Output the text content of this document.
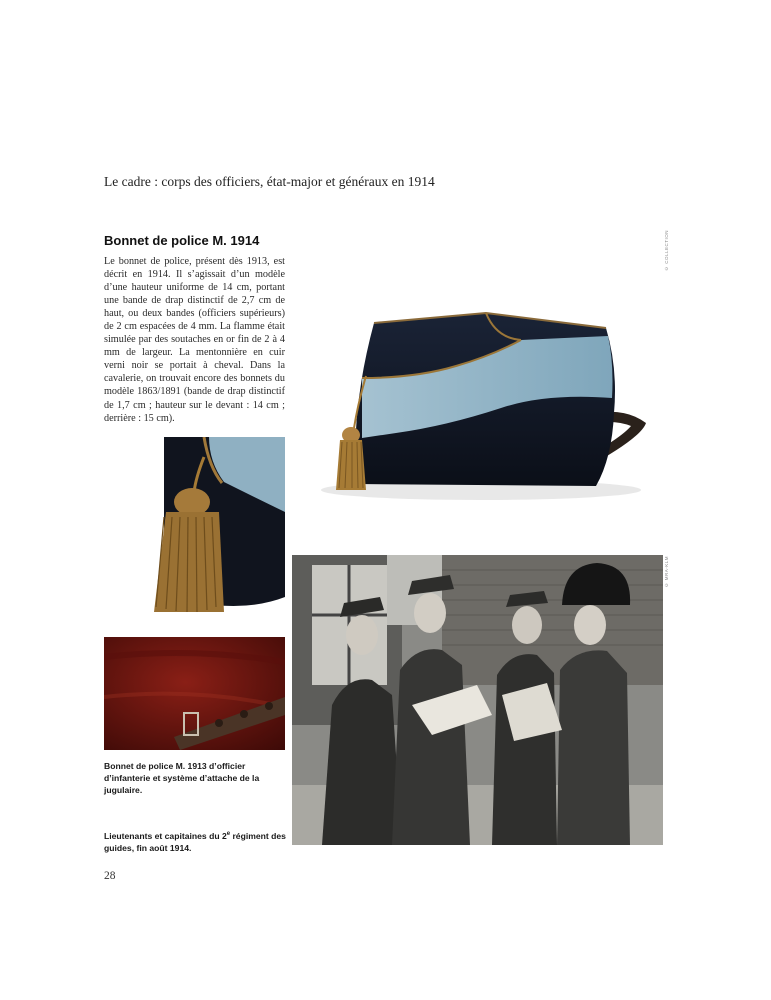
Le cadre : corps des officiers, état-major et généraux en 1914
Bonnet de police M. 1914
Le bonnet de police, présent dès 1913, est décrit en 1914. Il s’agissait d’un modèle d’une hauteur uniforme de 14 cm, portant une bande de drap distinctif de 2,7 cm de haut, ou deux bandes (officiers supérieurs) de 2 cm espacées de 4 mm. La flamme était simulée par des soutaches en or fin de 2 à 4 mm de largeur. La mentonnière en cuir verni noir se portait à cheval. Dans la cavalerie, on trouvait encore des bonnets du modèle 1863/1891 (bande de drap distinctif de 1,7 cm ; hauteur sur le devant : 14 cm ; derrière : 15 cm).
© COLLECTION
© MRA-KLM
Bonnet de police M. 1913 d’officier d’infanterie et système d’attache de la jugulaire.
Lieutenants et capitaines du 2e régiment des guides, fin août 1914.
28
